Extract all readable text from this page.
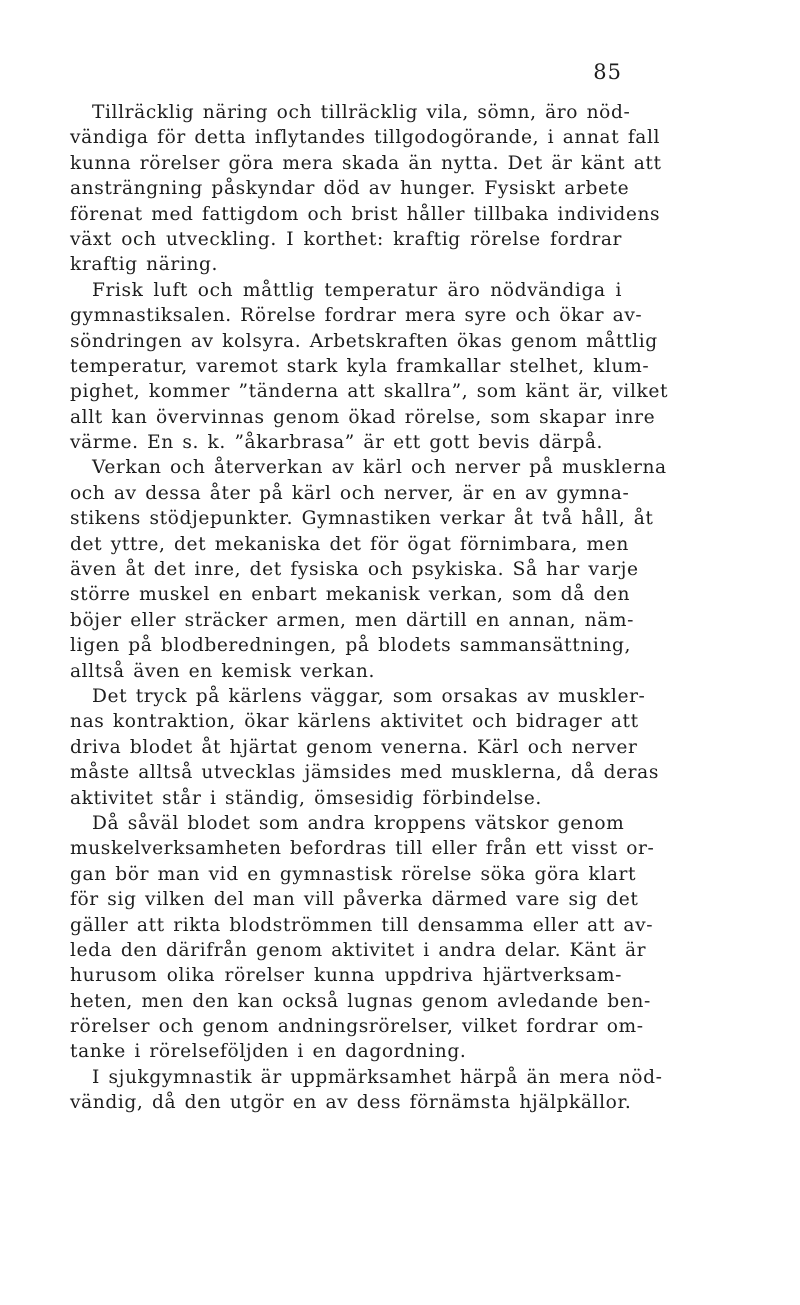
85
Tillräcklig näring och tillräcklig vila, sömn, äro nöd-
vändiga för detta inflytandes tillgodogörande, i annat fall
kunna rörelser göra mera skada än nytta. Det är känt att
ansträngning påskyndar död av hunger. Fysiskt arbete
förenat med fattigdom och brist håller tillbaka individens
växt och utveckling. I korthet: kraftig rörelse fordrar
kraftig näring.
Frisk luft och måttlig temperatur äro nödvändiga i
gymnastiksalen. Rörelse fordrar mera syre och ökar av-
söndringen av kolsyra. Arbetskraften ökas genom måttlig
temperatur, varemot stark kyla framkallar stelhet, klum-
pighet, kommer ”tänderna att skallra”, som känt är, vilket
allt kan övervinnas genom ökad rörelse, som skapar inre
värme. En s. k. ”åkarbrasa” är ett gott bevis därpå.
Verkan och återverkan av kärl och nerver på musklerna
och av dessa åter på kärl och nerver, är en av gymna-
stikens stödjepunkter. Gymnastiken verkar åt två håll, åt
det yttre, det mekaniska det för ögat förnimbara, men
även åt det inre, det fysiska och psykiska. Så har varje
större muskel en enbart mekanisk verkan, som då den
böjer eller sträcker armen, men därtill en annan, näm-
ligen på blodberedningen, på blodets sammansättning,
alltså även en kemisk verkan.
Det tryck på kärlens väggar, som orsakas av muskler-
nas kontraktion, ökar kärlens aktivitet och bidrager att
driva blodet åt hjärtat genom venerna. Kärl och nerver
måste alltså utvecklas jämsides med musklerna, då deras
aktivitet står i ständig, ömsesidig förbindelse.
Då såväl blodet som andra kroppens vätskor genom
muskelverksamheten befordras till eller från ett visst or-
gan bör man vid en gymnastisk rörelse söka göra klart
för sig vilken del man vill påverka därmed vare sig det
gäller att rikta blodströmmen till densamma eller att av-
leda den därifrån genom aktivitet i andra delar. Känt är
hurusom olika rörelser kunna uppdriva hjärtverksam-
heten, men den kan också lugnas genom avledande ben-
rörelser och genom andningsrörelser, vilket fordrar om-
tanke i rörelseföljden i en dagordning.
I sjukgymnastik är uppmärksamhet härpå än mera nöd-
vändig, då den utgör en av dess förnämsta hjälpkällor.
